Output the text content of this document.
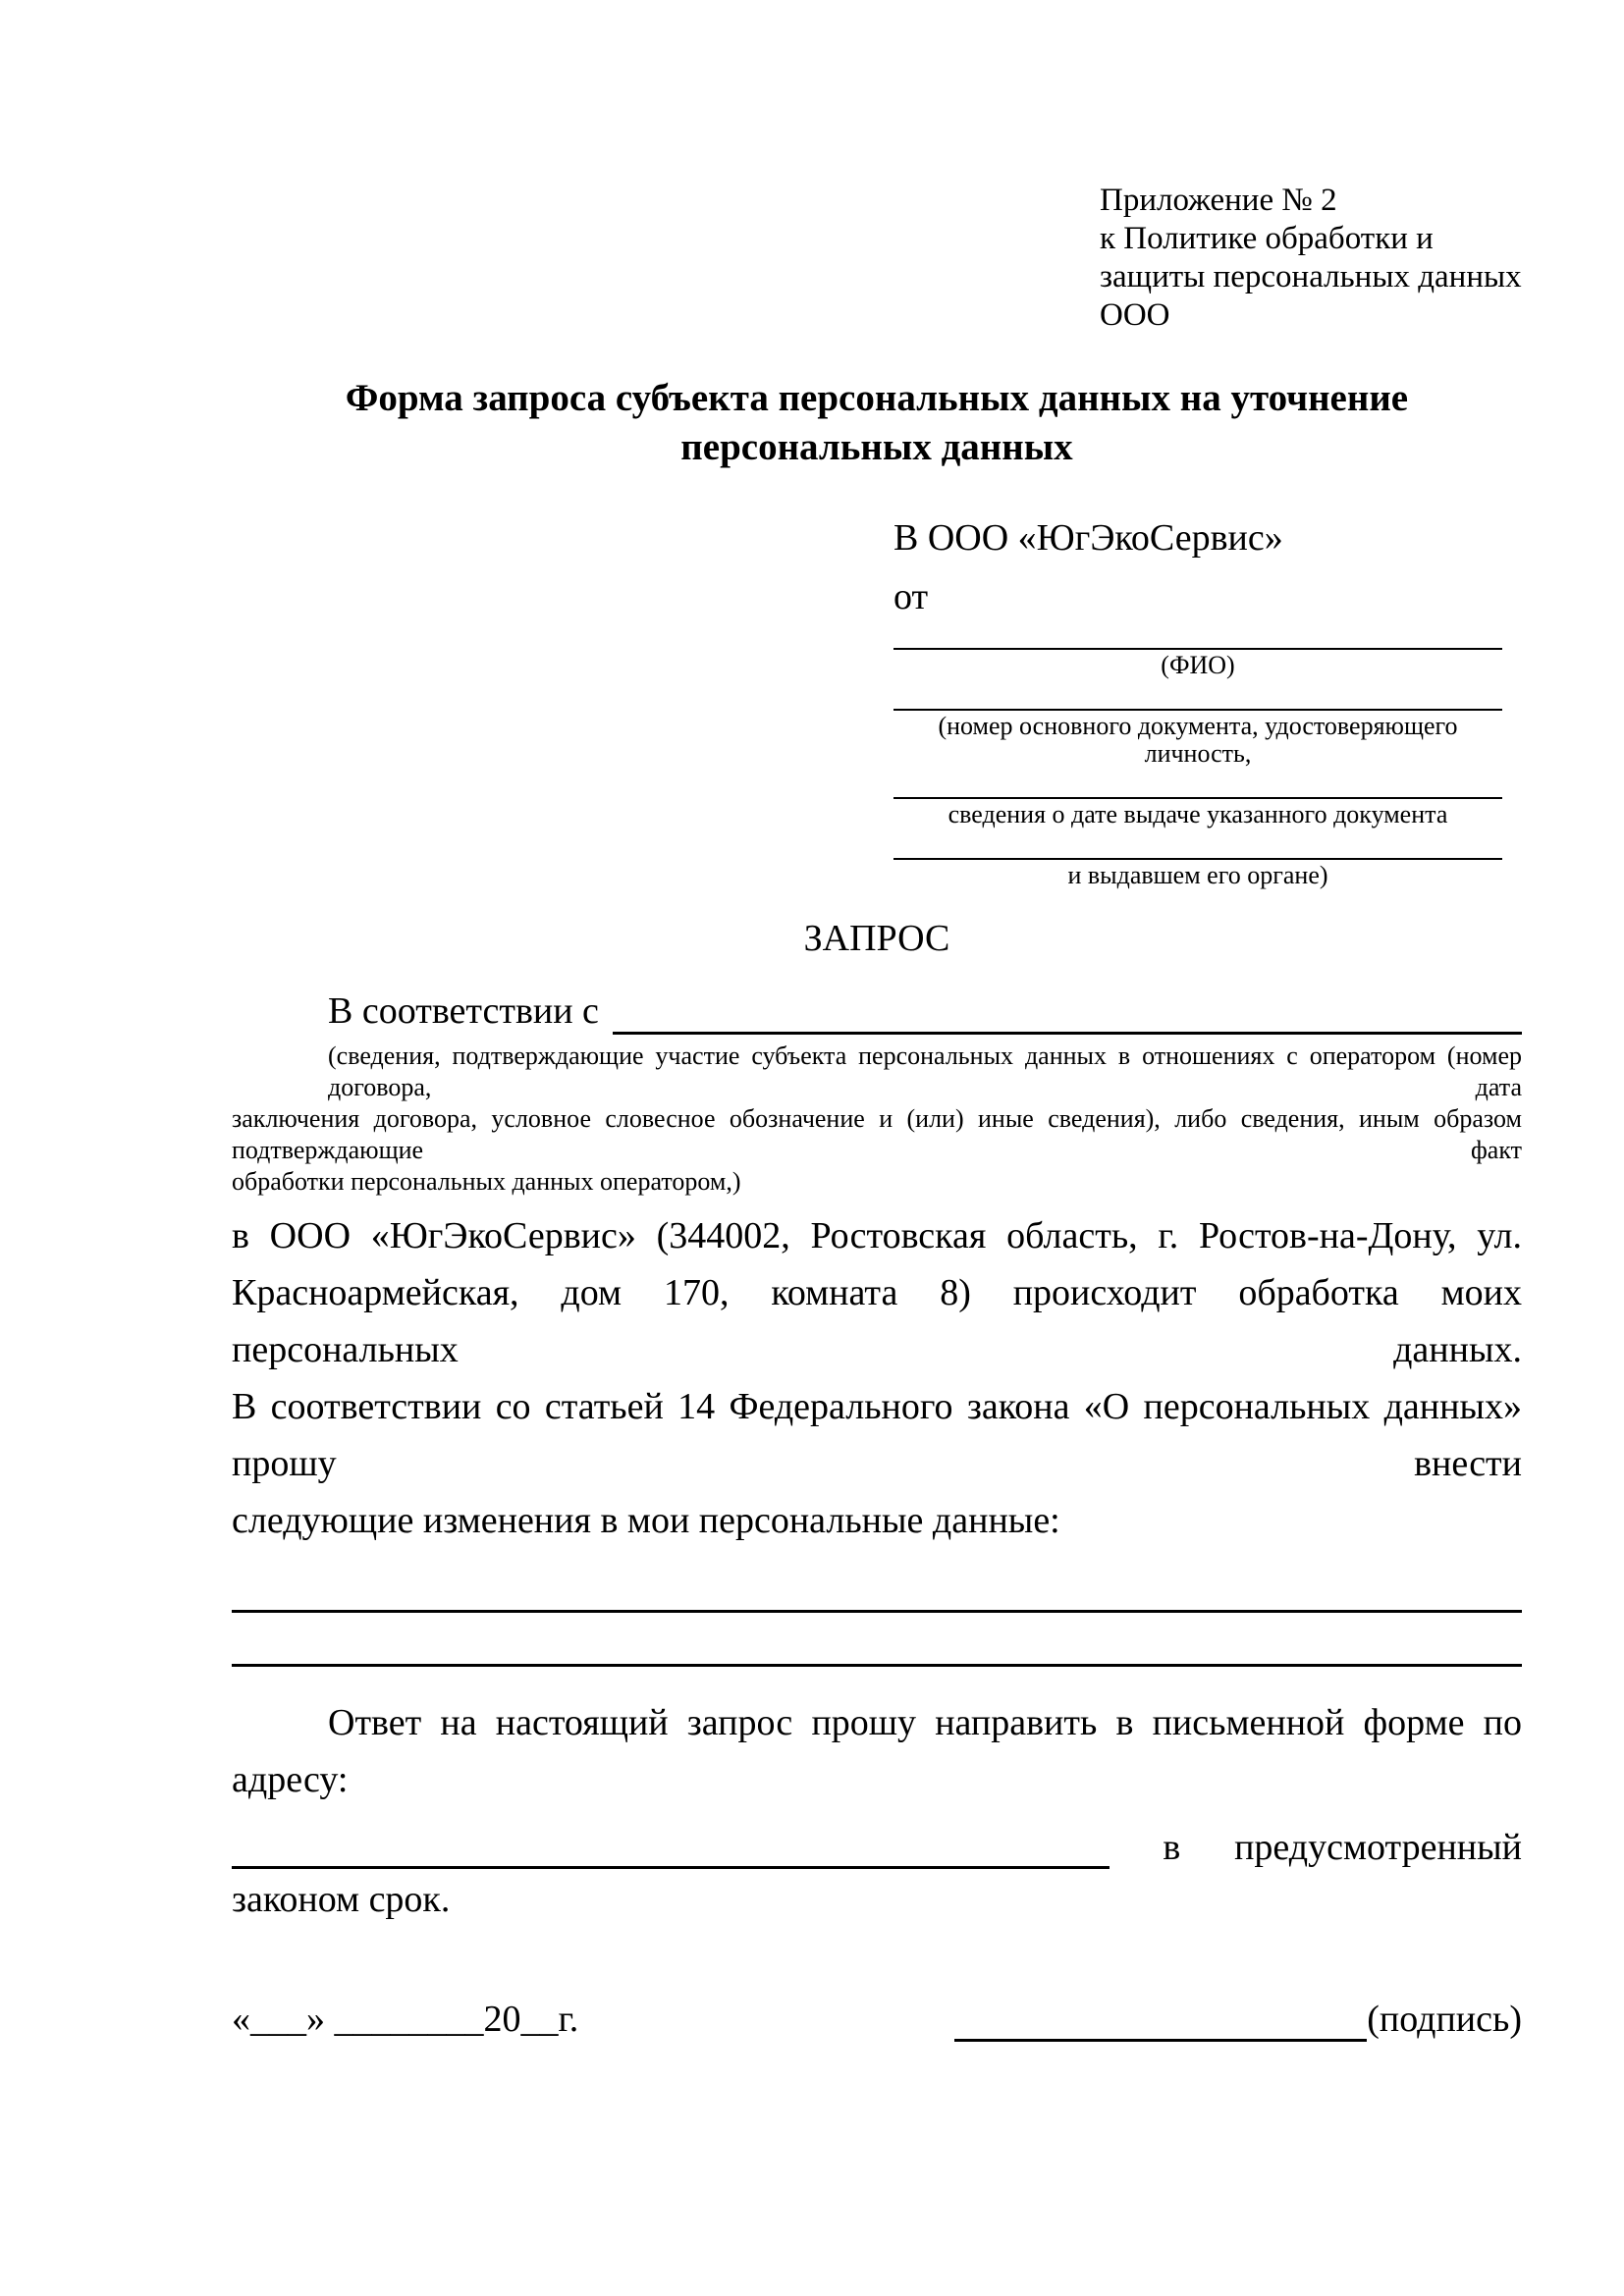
Приложение № 2
к Политике обработки и
защиты персональных данных
ООО
Форма запроса субъекта персональных данных на уточнение
персональных данных
В ООО «ЮгЭкоСервис»
от
(ФИО)
(номер основного документа, удостоверяющего личность,
сведения о дате выдаче указанного документа
и выдавшем его органе)
ЗАПРОС
В соответствии с
(сведения, подтверждающие участие субъекта персональных данных в отношениях с оператором (номер договора, дата
заключения договора, условное словесное обозначение и (или) иные сведения), либо сведения, иным образом подтверждающие факт
обработки персональных данных оператором,)
в ООО «ЮгЭкоСервис» (344002, Ростовская область, г. Ростов-на-Дону, ул.
Красноармейская, дом 170, комната 8) происходит обработка моих персональных данных.
В соответствии со статьей 14 Федерального закона «О персональных данных» прошу внести
следующие изменения в мои персональные данные:
Ответ на настоящий запрос прошу направить в письменной форме по адресу:
в предусмотренный
законом срок.
«___» ________20__г.	(подпись)
